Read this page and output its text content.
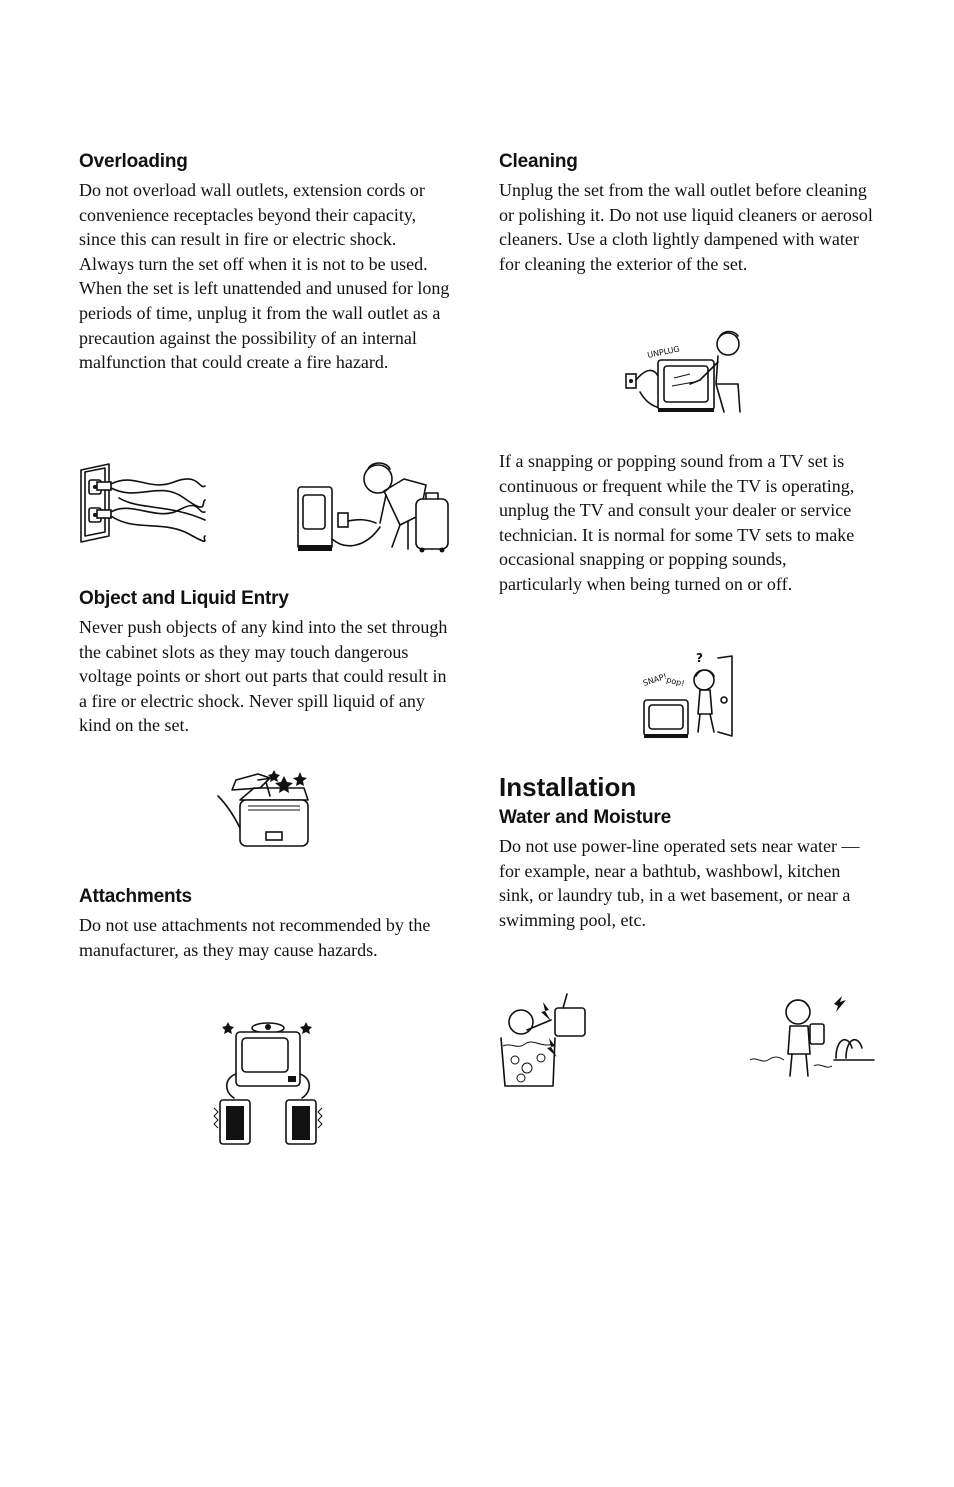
Overloading

Do not overload wall outlets, extension cords or convenience receptacles beyond their capacity, since this can result in fire or electric shock. Always turn the set off when it is not to be used. When the set is left unattended and unused for long periods of time, unplug it from the wall outlet as a precaution against the possibility of an internal malfunction that could create a fire hazard.

Object and Liquid Entry

Never push objects of any kind into the set through the cabinet slots as they may touch dangerous voltage points or short out parts that could result in a fire or electric shock. Never spill liquid of any kind on the set.

Attachments

Do not use attachments not recommended by the manufacturer, as they may cause hazards.

Cleaning

Unplug the set from the wall outlet before cleaning or polishing it. Do not use liquid cleaners or aerosol cleaners. Use a cloth lightly dampened with water for cleaning the exterior of the set.

UNPLUG

If a snapping or popping sound from a TV set is continuous or frequent while the TV is operating, unplug the TV and consult your dealer or service technician. It is normal for some TV sets to make occasional snapping or popping sounds, particularly when being turned on or off.

SNAP!
pop!
?
Installation
Water and Moisture

Do not use power-line operated sets near water — for example, near a bathtub, washbowl, kitchen sink, or laundry tub, in a wet basement, or near a swimming pool, etc.
